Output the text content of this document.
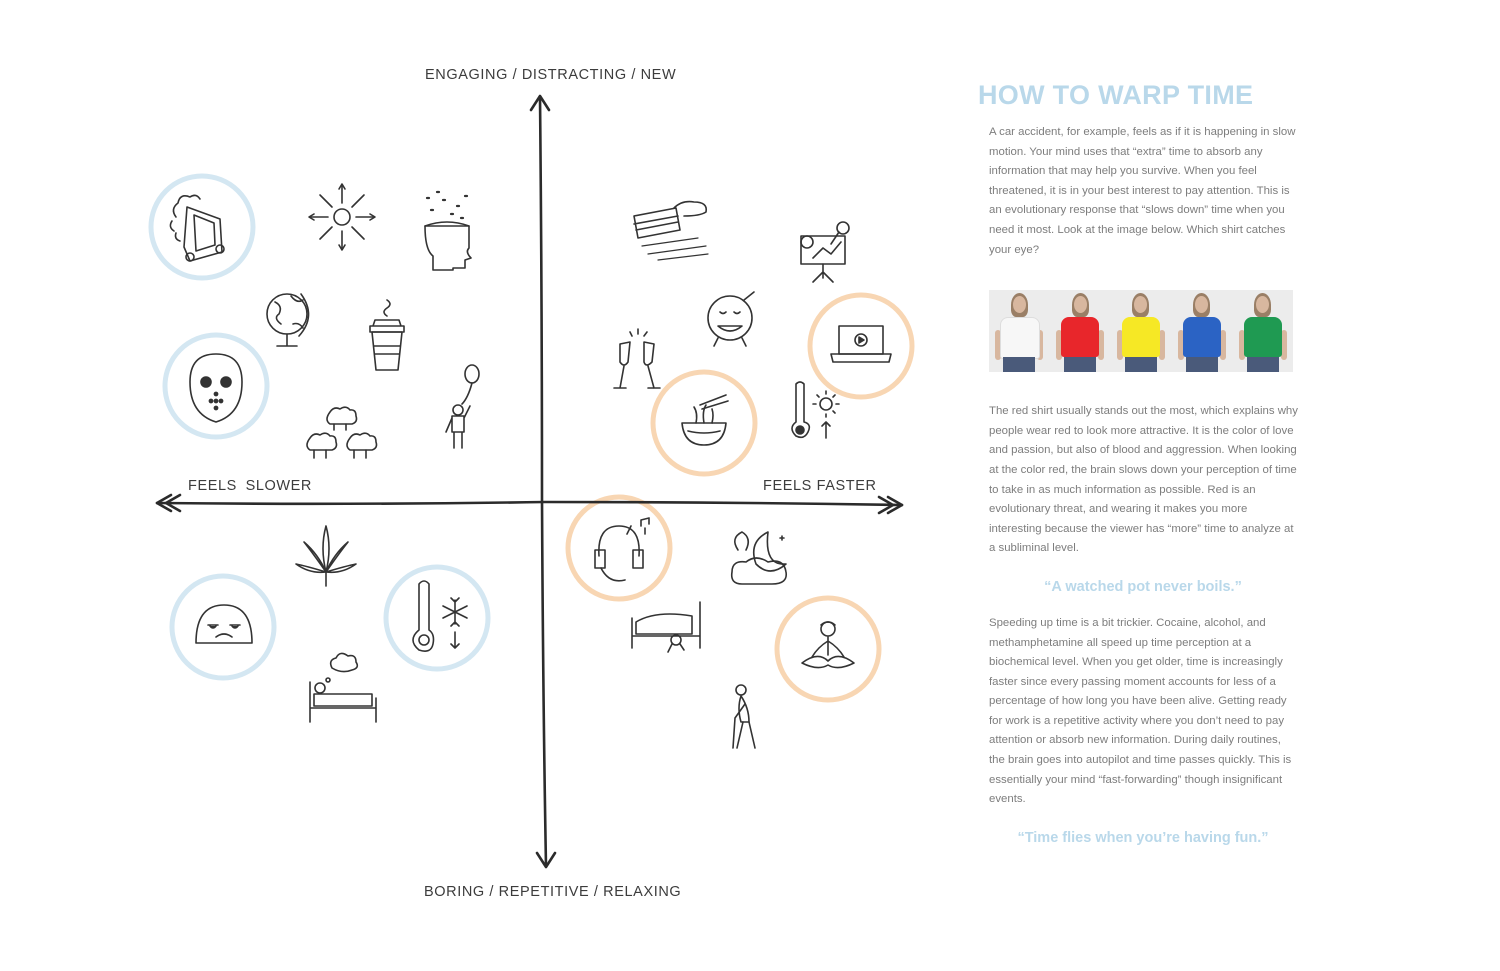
ENGAGING / DISTRACTING / NEW
BORING / REPETITIVE / RELAXING
FEELS SLOWER	FEELS FASTER
HOW TO WARP TIME

A car accident, for example, feels as if it is happening in slow motion. Your mind uses that “extra” time to absorb any information that may help you survive. When you feel threatened, it is in your best interest to pay attention. This is an evolutionary response that “slows down” time when you need it most. Look at the image below. Which shirt catches your eye?

The red shirt usually stands out the most, which explains why people wear red to look more attractive. It is the color of love and passion, but also of blood and aggression. When looking at the color red, the brain slows down your perception of time to take in as much information as possible. Red is an evolutionary threat, and wearing it makes you more interesting because the viewer has “more” time to analyze at a subliminal level.

“A watched pot never boils.”

Speeding up time is a bit trickier. Cocaine, alcohol, and methamphetamine all speed up time perception at a biochemical level. When you get older, time is increasingly faster since every passing moment accounts for less of a percentage of how long you have been alive. Getting ready for work is a repetitive activity where you don’t need to pay attention or absorb new information. During daily routines, the brain goes into autopilot and time passes quickly. This is essentially your mind “fast-forwarding” though insignificant events.

“Time flies when you’re having fun.”
